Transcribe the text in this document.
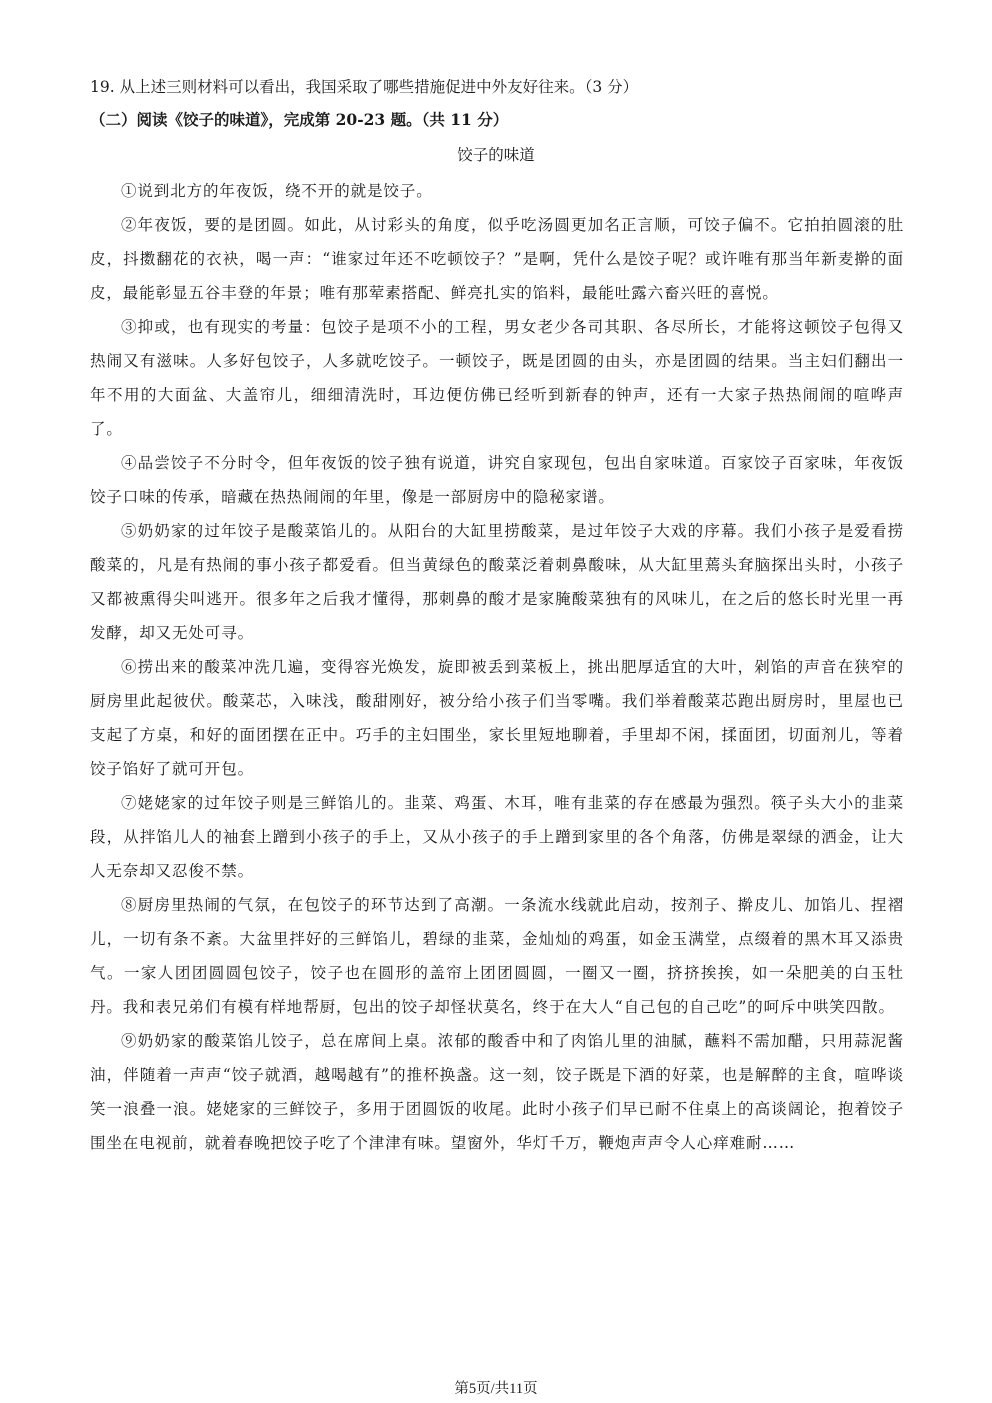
19. 从上述三则材料可以看出，我国采取了哪些措施促进中外友好往来。（3 分）
（二）阅读《饺子的味道》，完成第 20-23 题。（共 11 分）
饺子的味道

①说到北方的年夜饭，绕不开的就是饺子。

②年夜饭，要的是团圆。如此，从讨彩头的角度，似乎吃汤圆更加名正言顺，可饺子偏不。它拍拍圆滚的肚皮，抖擞翻花的衣袂，喝一声：“谁家过年还不吃顿饺子？”是啊，凭什么是饺子呢？或许唯有那当年新麦擀的面皮，最能彰显五谷丰登的年景；唯有那荤素搭配、鲜亮扎实的馅料，最能吐露六畜兴旺的喜悦。

③抑或，也有现实的考量：包饺子是项不小的工程，男女老少各司其职、各尽所长，才能将这顿饺子包得又热闹又有滋味。人多好包饺子，人多就吃饺子。一顿饺子，既是团圆的由头，亦是团圆的结果。当主妇们翻出一年不用的大面盆、大盖帘儿，细细清洗时，耳边便仿佛已经听到新春的钟声，还有一大家子热热闹闹的喧哗声了。

④品尝饺子不分时令，但年夜饭的饺子独有说道，讲究自家现包，包出自家味道。百家饺子百家味，年夜饭饺子口味的传承，暗藏在热热闹闹的年里，像是一部厨房中的隐秘家谱。

⑤奶奶家的过年饺子是酸菜馅儿的。从阳台的大缸里捞酸菜，是过年饺子大戏的序幕。我们小孩子是爱看捞酸菜的，凡是有热闹的事小孩子都爱看。但当黄绿色的酸菜泛着刺鼻酸味，从大缸里蔫头耷脑探出头时，小孩子又都被熏得尖叫逃开。很多年之后我才懂得，那刺鼻的酸才是家腌酸菜独有的风味儿，在之后的悠长时光里一再发酵，却又无处可寻。

⑥捞出来的酸菜冲洗几遍，变得容光焕发，旋即被丢到菜板上，挑出肥厚适宜的大叶，剁馅的声音在狭窄的厨房里此起彼伏。酸菜芯，入味浅，酸甜刚好，被分给小孩子们当零嘴。我们举着酸菜芯跑出厨房时，里屋也已支起了方桌，和好的面团摆在正中。巧手的主妇围坐，家长里短地聊着，手里却不闲，揉面团，切面剂儿，等着饺子馅好了就可开包。

⑦姥姥家的过年饺子则是三鲜馅儿的。韭菜、鸡蛋、木耳，唯有韭菜的存在感最为强烈。筷子头大小的韭菜段，从拌馅儿人的袖套上蹭到小孩子的手上，又从小孩子的手上蹭到家里的各个角落，仿佛是翠绿的洒金，让大人无奈却又忍俊不禁。

⑧厨房里热闹的气氛，在包饺子的环节达到了高潮。一条流水线就此启动，按剂子、擀皮儿、加馅儿、捏褶儿，一切有条不紊。大盆里拌好的三鲜馅儿，碧绿的韭菜，金灿灿的鸡蛋，如金玉满堂，点缀着的黑木耳又添贵气。一家人团团圆圆包饺子，饺子也在圆形的盖帘上团团圆圆，一圈又一圈，挤挤挨挨，如一朵肥美的白玉牡丹。我和表兄弟们有模有样地帮厨，包出的饺子却怪状莫名，终于在大人“自己包的自己吃”的呵斥中哄笑四散。

⑨奶奶家的酸菜馅儿饺子，总在席间上桌。浓郁的酸香中和了肉馅儿里的油腻，蘸料不需加醋，只用蒜泥酱油，伴随着一声声“饺子就酒，越喝越有”的推杯换盏。这一刻，饺子既是下酒的好菜，也是解醉的主食，喧哗谈笑一浪叠一浪。姥姥家的三鲜饺子，多用于团圆饭的收尾。此时小孩子们早已耐不住桌上的高谈阔论，抱着饺子围坐在电视前，就着春晚把饺子吃了个津津有味。望窗外，华灯千万，鞭炮声声令人心痒难耐……

第5页/共11页
